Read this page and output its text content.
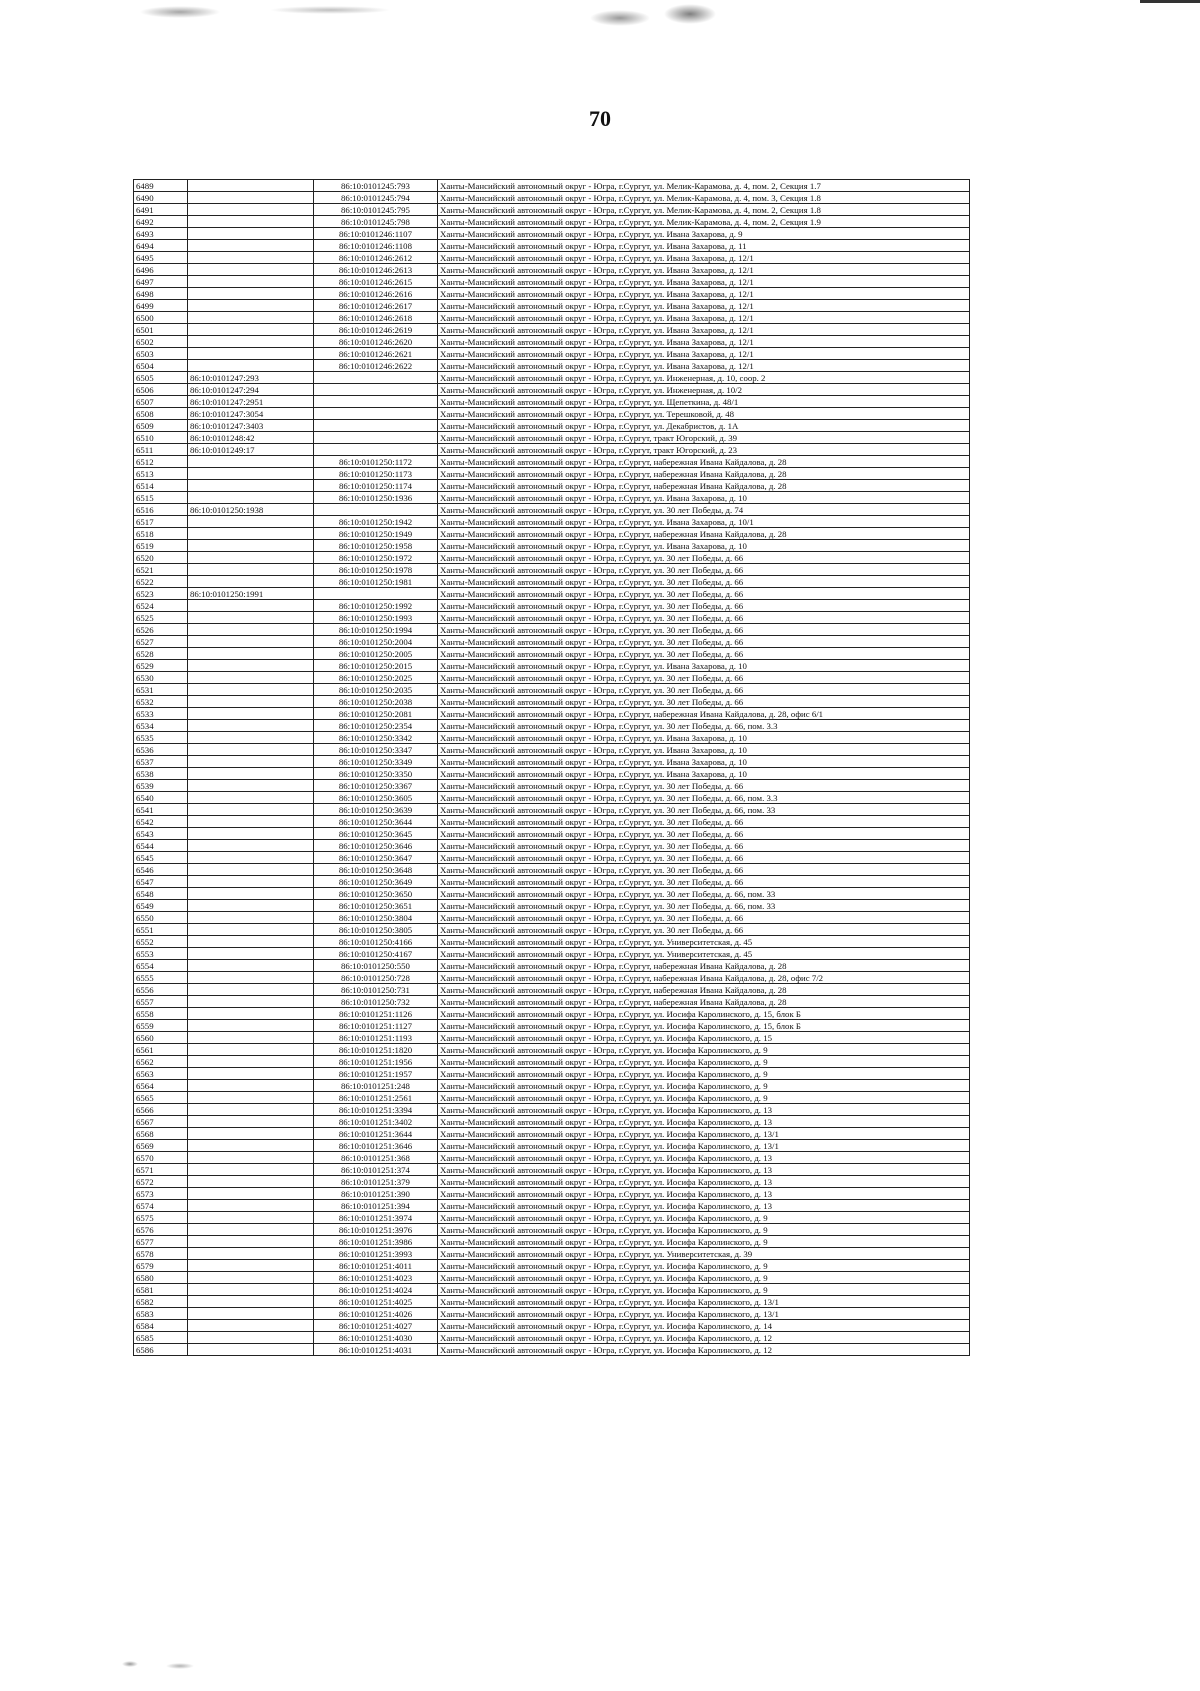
70
6489		86:10:0101245:793	Ханты-Мансийский автономный округ - Югра, г.Сургут, ул. Мелик-Карамова, д. 4, пом. 2, Секция 1.7
6490		86:10:0101245:794	Ханты-Мансийский автономный округ - Югра, г.Сургут, ул. Мелик-Карамова, д. 4, пом. 3, Секция 1.8
6491		86:10:0101245:795	Ханты-Мансийский автономный округ - Югра, г.Сургут, ул. Мелик-Карамова, д. 4, пом. 2, Секция 1.8
6492		86:10:0101245:798	Ханты-Мансийский автономный округ - Югра, г.Сургут, ул. Мелик-Карамова, д. 4, пом. 2, Секция 1.9
6493		86:10:0101246:1107	Ханты-Мансийский автономный округ - Югра, г.Сургут, ул. Ивана Захарова, д. 9
6494		86:10:0101246:1108	Ханты-Мансийский автономный округ - Югра, г.Сургут, ул. Ивана Захарова, д. 11
6495		86:10:0101246:2612	Ханты-Мансийский автономный округ - Югра, г.Сургут, ул. Ивана Захарова, д. 12/1
6496		86:10:0101246:2613	Ханты-Мансийский автономный округ - Югра, г.Сургут, ул. Ивана Захарова, д. 12/1
6497		86:10:0101246:2615	Ханты-Мансийский автономный округ - Югра, г.Сургут, ул. Ивана Захарова, д. 12/1
6498		86:10:0101246:2616	Ханты-Мансийский автономный округ - Югра, г.Сургут, ул. Ивана Захарова, д. 12/1
6499		86:10:0101246:2617	Ханты-Мансийский автономный округ - Югра, г.Сургут, ул. Ивана Захарова, д. 12/1
6500		86:10:0101246:2618	Ханты-Мансийский автономный округ - Югра, г.Сургут, ул. Ивана Захарова, д. 12/1
6501		86:10:0101246:2619	Ханты-Мансийский автономный округ - Югра, г.Сургут, ул. Ивана Захарова, д. 12/1
6502		86:10:0101246:2620	Ханты-Мансийский автономный округ - Югра, г.Сургут, ул. Ивана Захарова, д. 12/1
6503		86:10:0101246:2621	Ханты-Мансийский автономный округ - Югра, г.Сургут, ул. Ивана Захарова, д. 12/1
6504		86:10:0101246:2622	Ханты-Мансийский автономный округ - Югра, г.Сургут, ул. Ивана Захарова, д. 12/1
6505	86:10:0101247:293		Ханты-Мансийский автономный округ - Югра, г.Сургут, ул. Инженерная, д. 10, соор. 2
6506	86:10:0101247:294		Ханты-Мансийский автономный округ - Югра, г.Сургут, ул. Инженерная, д. 10/2
6507	86:10:0101247:2951		Ханты-Мансийский автономный округ - Югра, г.Сургут, ул. Щепеткина, д. 48/1
6508	86:10:0101247:3054		Ханты-Мансийский автономный округ - Югра, г.Сургут, ул. Терешковой, д. 48
6509	86:10:0101247:3403		Ханты-Мансийский автономный округ - Югра, г.Сургут, ул. Декабристов, д. 1А
6510	86:10:0101248:42		Ханты-Мансийский автономный округ - Югра, г.Сургут, тракт Югорский, д. 39
6511	86:10:0101249:17		Ханты-Мансийский автономный округ - Югра, г.Сургут, тракт Югорский, д. 23
6512		86:10:0101250:1172	Ханты-Мансийский автономный округ - Югра, г.Сургут, набережная Ивана Кайдалова, д. 28
6513		86:10:0101250:1173	Ханты-Мансийский автономный округ - Югра, г.Сургут, набережная Ивана Кайдалова, д. 28
6514		86:10:0101250:1174	Ханты-Мансийский автономный округ - Югра, г.Сургут, набережная Ивана Кайдалова, д. 28
6515		86:10:0101250:1936	Ханты-Мансийский автономный округ - Югра, г.Сургут, ул. Ивана Захарова, д. 10
6516	86:10:0101250:1938		Ханты-Мансийский автономный округ - Югра, г.Сургут, ул. 30 лет Победы, д. 74
6517		86:10:0101250:1942	Ханты-Мансийский автономный округ - Югра, г.Сургут, ул. Ивана Захарова, д. 10/1
6518		86:10:0101250:1949	Ханты-Мансийский автономный округ - Югра, г.Сургут, набережная Ивана Кайдалова, д. 28
6519		86:10:0101250:1958	Ханты-Мансийский автономный округ - Югра, г.Сургут, ул. Ивана Захарова, д. 10
6520		86:10:0101250:1972	Ханты-Мансийский автономный округ - Югра, г.Сургут, ул. 30 лет Победы, д. 66
6521		86:10:0101250:1978	Ханты-Мансийский автономный округ - Югра, г.Сургут, ул. 30 лет Победы, д. 66
6522		86:10:0101250:1981	Ханты-Мансийский автономный округ - Югра, г.Сургут, ул. 30 лет Победы, д. 66
6523	86:10:0101250:1991		Ханты-Мансийский автономный округ - Югра, г.Сургут, ул. 30 лет Победы, д. 66
6524		86:10:0101250:1992	Ханты-Мансийский автономный округ - Югра, г.Сургут, ул. 30 лет Победы, д. 66
6525		86:10:0101250:1993	Ханты-Мансийский автономный округ - Югра, г.Сургут, ул. 30 лет Победы, д. 66
6526		86:10:0101250:1994	Ханты-Мансийский автономный округ - Югра, г.Сургут, ул. 30 лет Победы, д. 66
6527		86:10:0101250:2004	Ханты-Мансийский автономный округ - Югра, г.Сургут, ул. 30 лет Победы, д. 66
6528		86:10:0101250:2005	Ханты-Мансийский автономный округ - Югра, г.Сургут, ул. 30 лет Победы, д. 66
6529		86:10:0101250:2015	Ханты-Мансийский автономный округ - Югра, г.Сургут, ул. Ивана Захарова, д. 10
6530		86:10:0101250:2025	Ханты-Мансийский автономный округ - Югра, г.Сургут, ул. 30 лет Победы, д. 66
6531		86:10:0101250:2035	Ханты-Мансийский автономный округ - Югра, г.Сургут, ул. 30 лет Победы, д. 66
6532		86:10:0101250:2038	Ханты-Мансийский автономный округ - Югра, г.Сургут, ул. 30 лет Победы, д. 66
6533		86:10:0101250:2081	Ханты-Мансийский автономный округ - Югра, г.Сургут, набережная Ивана Кайдалова, д. 28, офис 6/1
6534		86:10:0101250:2354	Ханты-Мансийский автономный округ - Югра, г.Сургут, ул. 30 лет Победы, д. 66, пом. 3.3
6535		86:10:0101250:3342	Ханты-Мансийский автономный округ - Югра, г.Сургут, ул. Ивана Захарова, д. 10
6536		86:10:0101250:3347	Ханты-Мансийский автономный округ - Югра, г.Сургут, ул. Ивана Захарова, д. 10
6537		86:10:0101250:3349	Ханты-Мансийский автономный округ - Югра, г.Сургут, ул. Ивана Захарова, д. 10
6538		86:10:0101250:3350	Ханты-Мансийский автономный округ - Югра, г.Сургут, ул. Ивана Захарова, д. 10
6539		86:10:0101250:3367	Ханты-Мансийский автономный округ - Югра, г.Сургут, ул. 30 лет Победы, д. 66
6540		86:10:0101250:3605	Ханты-Мансийский автономный округ - Югра, г.Сургут, ул. 30 лет Победы, д. 66, пом. 3.3
6541		86:10:0101250:3639	Ханты-Мансийский автономный округ - Югра, г.Сургут, ул. 30 лет Победы, д. 66, пом. 33
6542		86:10:0101250:3644	Ханты-Мансийский автономный округ - Югра, г.Сургут, ул. 30 лет Победы, д. 66
6543		86:10:0101250:3645	Ханты-Мансийский автономный округ - Югра, г.Сургут, ул. 30 лет Победы, д. 66
6544		86:10:0101250:3646	Ханты-Мансийский автономный округ - Югра, г.Сургут, ул. 30 лет Победы, д. 66
6545		86:10:0101250:3647	Ханты-Мансийский автономный округ - Югра, г.Сургут, ул. 30 лет Победы, д. 66
6546		86:10:0101250:3648	Ханты-Мансийский автономный округ - Югра, г.Сургут, ул. 30 лет Победы, д. 66
6547		86:10:0101250:3649	Ханты-Мансийский автономный округ - Югра, г.Сургут, ул. 30 лет Победы, д. 66
6548		86:10:0101250:3650	Ханты-Мансийский автономный округ - Югра, г.Сургут, ул. 30 лет Победы, д. 66, пом. 33
6549		86:10:0101250:3651	Ханты-Мансийский автономный округ - Югра, г.Сургут, ул. 30 лет Победы, д. 66, пом. 33
6550		86:10:0101250:3804	Ханты-Мансийский автономный округ - Югра, г.Сургут, ул. 30 лет Победы, д. 66
6551		86:10:0101250:3805	Ханты-Мансийский автономный округ - Югра, г.Сургут, ул. 30 лет Победы, д. 66
6552		86:10:0101250:4166	Ханты-Мансийский автономный округ - Югра, г.Сургут, ул. Университетская, д. 45
6553		86:10:0101250:4167	Ханты-Мансийский автономный округ - Югра, г.Сургут, ул. Университетская, д. 45
6554		86:10:0101250:550	Ханты-Мансийский автономный округ - Югра, г.Сургут, набережная Ивана Кайдалова, д. 28
6555		86:10:0101250:728	Ханты-Мансийский автономный округ - Югра, г.Сургут, набережная Ивана Кайдалова, д. 28, офис 7/2
6556		86:10:0101250:731	Ханты-Мансийский автономный округ - Югра, г.Сургут, набережная Ивана Кайдалова, д. 28
6557		86:10:0101250:732	Ханты-Мансийский автономный округ - Югра, г.Сургут, набережная Ивана Кайдалова, д. 28
6558		86:10:0101251:1126	Ханты-Мансийский автономный округ - Югра, г.Сургут, ул. Иосифа Каролинского, д. 15, блок Б
6559		86:10:0101251:1127	Ханты-Мансийский автономный округ - Югра, г.Сургут, ул. Иосифа Каролинского, д. 15, блок Б
6560		86:10:0101251:1193	Ханты-Мансийский автономный округ - Югра, г.Сургут, ул. Иосифа Каролинского, д. 15
6561		86:10:0101251:1820	Ханты-Мансийский автономный округ - Югра, г.Сургут, ул. Иосифа Каролинского, д. 9
6562		86:10:0101251:1956	Ханты-Мансийский автономный округ - Югра, г.Сургут, ул. Иосифа Каролинского, д. 9
6563		86:10:0101251:1957	Ханты-Мансийский автономный округ - Югра, г.Сургут, ул. Иосифа Каролинского, д. 9
6564		86:10:0101251:248	Ханты-Мансийский автономный округ - Югра, г.Сургут, ул. Иосифа Каролинского, д. 9
6565		86:10:0101251:2561	Ханты-Мансийский автономный округ - Югра, г.Сургут, ул. Иосифа Каролинского, д. 9
6566		86:10:0101251:3394	Ханты-Мансийский автономный округ - Югра, г.Сургут, ул. Иосифа Каролинского, д. 13
6567		86:10:0101251:3402	Ханты-Мансийский автономный округ - Югра, г.Сургут, ул. Иосифа Каролинского, д. 13
6568		86:10:0101251:3644	Ханты-Мансийский автономный округ - Югра, г.Сургут, ул. Иосифа Каролинского, д. 13/1
6569		86:10:0101251:3646	Ханты-Мансийский автономный округ - Югра, г.Сургут, ул. Иосифа Каролинского, д. 13/1
6570		86:10:0101251:368	Ханты-Мансийский автономный округ - Югра, г.Сургут, ул. Иосифа Каролинского, д. 13
6571		86:10:0101251:374	Ханты-Мансийский автономный округ - Югра, г.Сургут, ул. Иосифа Каролинского, д. 13
6572		86:10:0101251:379	Ханты-Мансийский автономный округ - Югра, г.Сургут, ул. Иосифа Каролинского, д. 13
6573		86:10:0101251:390	Ханты-Мансийский автономный округ - Югра, г.Сургут, ул. Иосифа Каролинского, д. 13
6574		86:10:0101251:394	Ханты-Мансийский автономный округ - Югра, г.Сургут, ул. Иосифа Каролинского, д. 13
6575		86:10:0101251:3974	Ханты-Мансийский автономный округ - Югра, г.Сургут, ул. Иосифа Каролинского, д. 9
6576		86:10:0101251:3976	Ханты-Мансийский автономный округ - Югра, г.Сургут, ул. Иосифа Каролинского, д. 9
6577		86:10:0101251:3986	Ханты-Мансийский автономный округ - Югра, г.Сургут, ул. Иосифа Каролинского, д. 9
6578		86:10:0101251:3993	Ханты-Мансийский автономный округ - Югра, г.Сургут, ул. Университетская, д. 39
6579		86:10:0101251:4011	Ханты-Мансийский автономный округ - Югра, г.Сургут, ул. Иосифа Каролинского, д. 9
6580		86:10:0101251:4023	Ханты-Мансийский автономный округ - Югра, г.Сургут, ул. Иосифа Каролинского, д. 9
6581		86:10:0101251:4024	Ханты-Мансийский автономный округ - Югра, г.Сургут, ул. Иосифа Каролинского, д. 9
6582		86:10:0101251:4025	Ханты-Мансийский автономный округ - Югра, г.Сургут, ул. Иосифа Каролинского, д. 13/1
6583		86:10:0101251:4026	Ханты-Мансийский автономный округ - Югра, г.Сургут, ул. Иосифа Каролинского, д. 13/1
6584		86:10:0101251:4027	Ханты-Мансийский автономный округ - Югра, г.Сургут, ул. Иосифа Каролинского, д. 14
6585		86:10:0101251:4030	Ханты-Мансийский автономный округ - Югра, г.Сургут, ул. Иосифа Каролинского, д. 12
6586		86:10:0101251:4031	Ханты-Мансийский автономный округ - Югра, г.Сургут, ул. Иосифа Каролинского, д. 12
